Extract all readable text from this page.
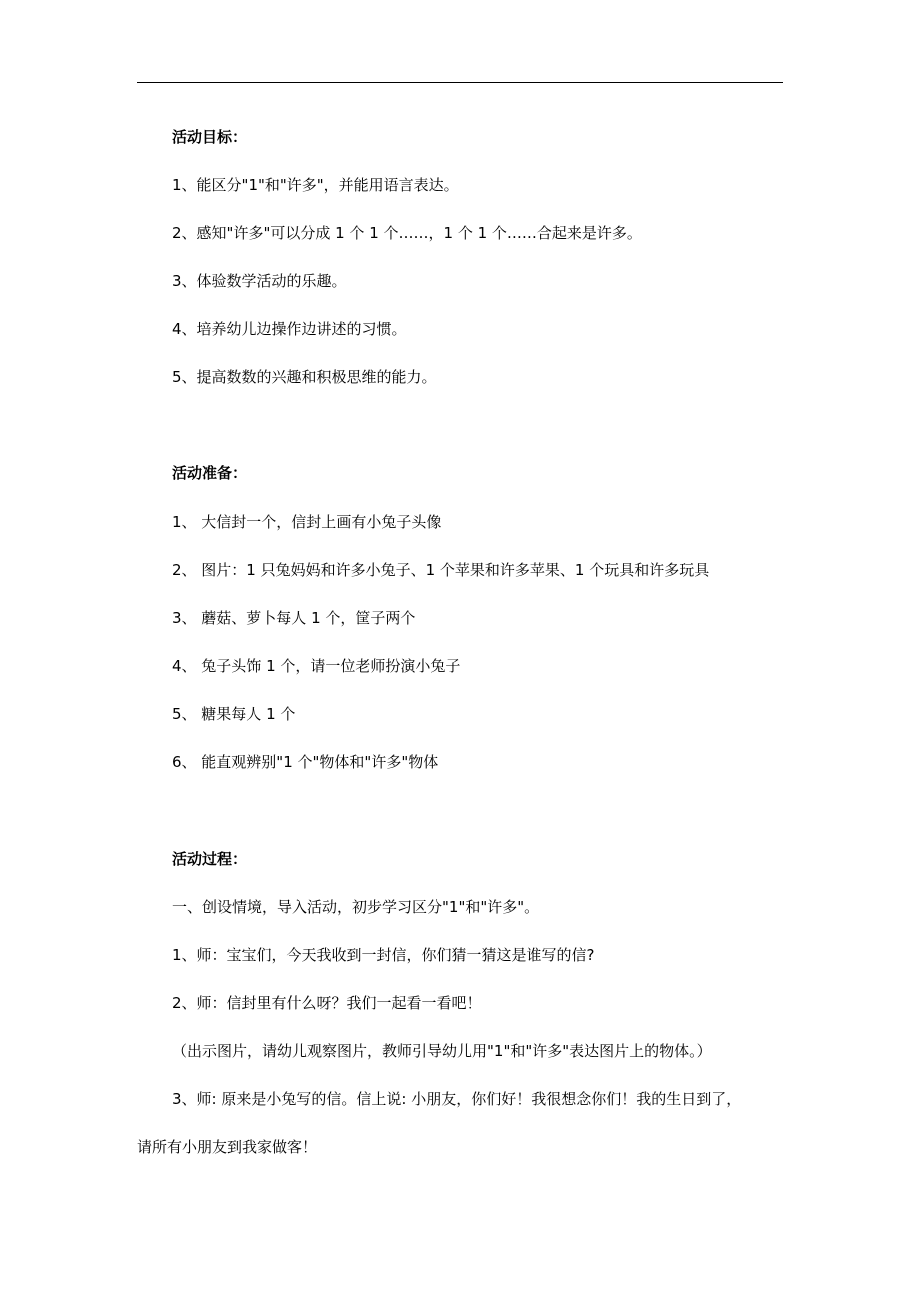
活动目标：
1、能区分"1"和"许多"，并能用语言表达。
2、感知"许多"可以分成 1 个 1 个……，1 个 1 个……合起来是许多。
3、体验数学活动的乐趣。
4、培养幼儿边操作边讲述的习惯。
5、提高数数的兴趣和积极思维的能力。
活动准备：
1、 大信封一个，信封上画有小兔子头像
2、 图片：1 只兔妈妈和许多小兔子、1 个苹果和许多苹果、1 个玩具和许多玩具
3、 蘑菇、萝卜每人 1 个，筐子两个
4、 兔子头饰 1 个，请一位老师扮演小兔子
5、 糖果每人 1 个
6、 能直观辨别"1 个"物体和"许多"物体
活动过程：
一、创设情境，导入活动，初步学习区分"1"和"许多"。
1、师：宝宝们，今天我收到一封信，你们猜一猜这是谁写的信?
2、师：信封里有什么呀？我们一起看一看吧！
（出示图片，请幼儿观察图片，教师引导幼儿用"1"和"许多"表达图片上的物体。）
3、师: 原来是小兔写的信。信上说: 小朋友，你们好！我很想念你们！我的生日到了，
请所有小朋友到我家做客！
